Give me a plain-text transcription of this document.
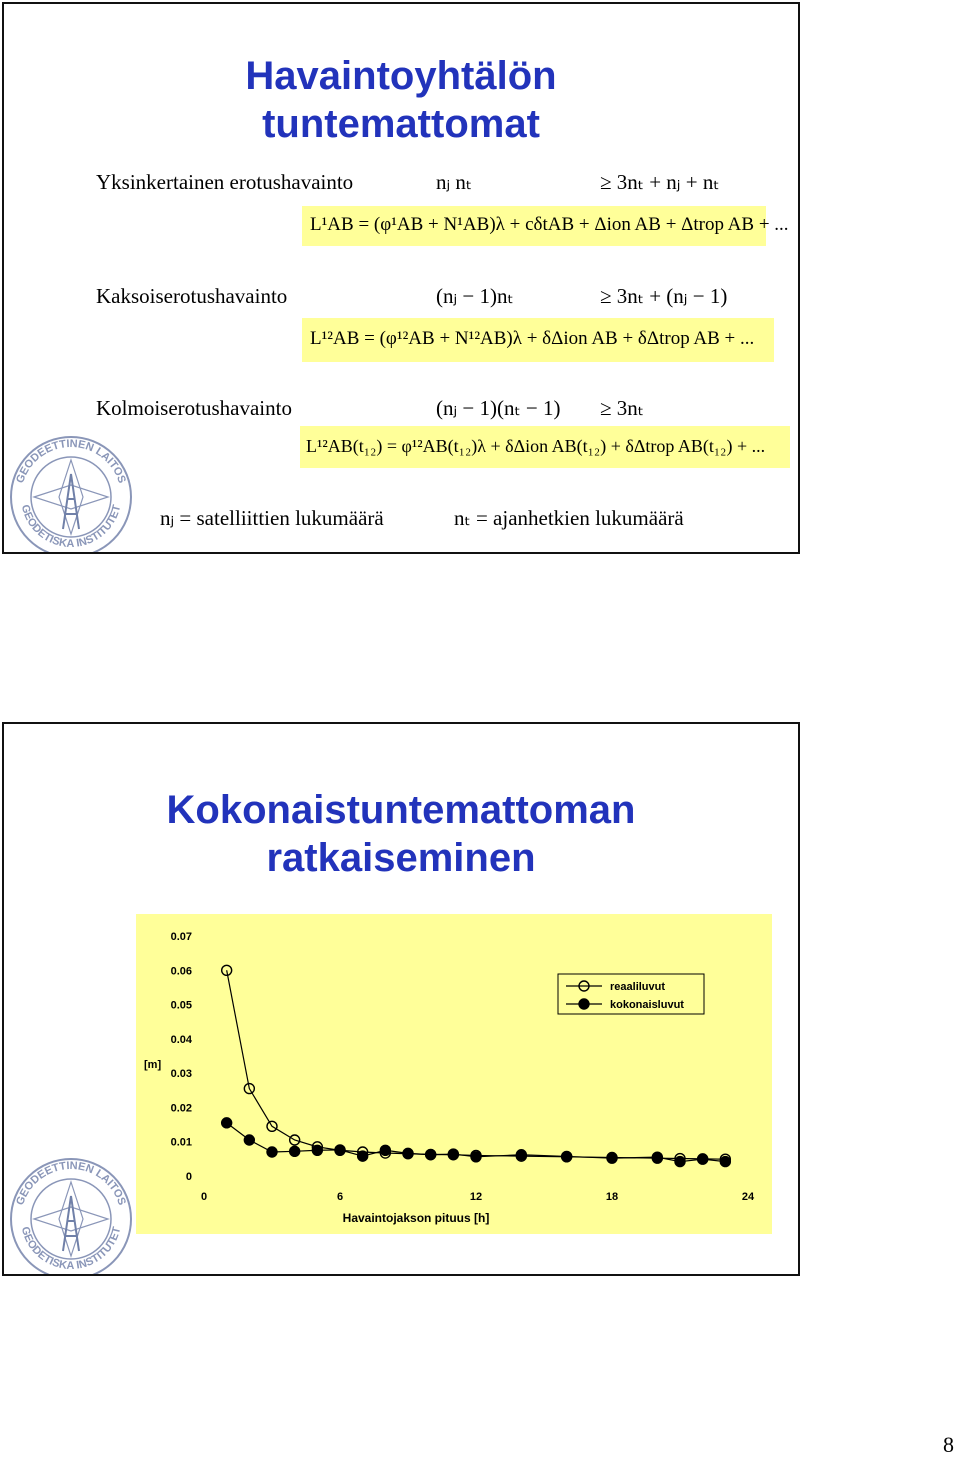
Havaintoyhtälön
tuntemattomat
Yksinkertainen erotushavainto	nⱼ nₜ	≥ 3nₜ + nⱼ + nₜ
L¹AB = (φ¹AB + N¹AB)λ + cδtAB + Δion AB + Δtrop AB + ...
Kaksoiserotushavainto	(nⱼ − 1)nₜ	≥ 3nₜ + (nⱼ − 1)
L¹²AB = (φ¹²AB + N¹²AB)λ + δΔion AB + δΔtrop AB + ...
Kolmoiserotushavainto	(nⱼ − 1)(nₜ − 1) ≥ 3nₜ
L¹²AB(t₁₂) = φ¹²AB(t₁₂)λ + δΔion AB(t₁₂) + δΔtrop AB(t₁₂) + ...
nⱼ = satelliittien lukumäärä	nₜ = ajanhetkien lukumäärä
GEODEETTINEN LAITOS
GEODETISKA INSTITUTET
Kokonaistuntemattoman
ratkaiseminen
0
0.01
0.02
0.03
0.04
0.05
0.06
0.07
0	6	12	18	24
Havaintojakson pituus [h]
[m]
reaaliluvut
kokonaisluvut
GEODEETTINEN LAITOS
GEODETISKA INSTITUTET
8
